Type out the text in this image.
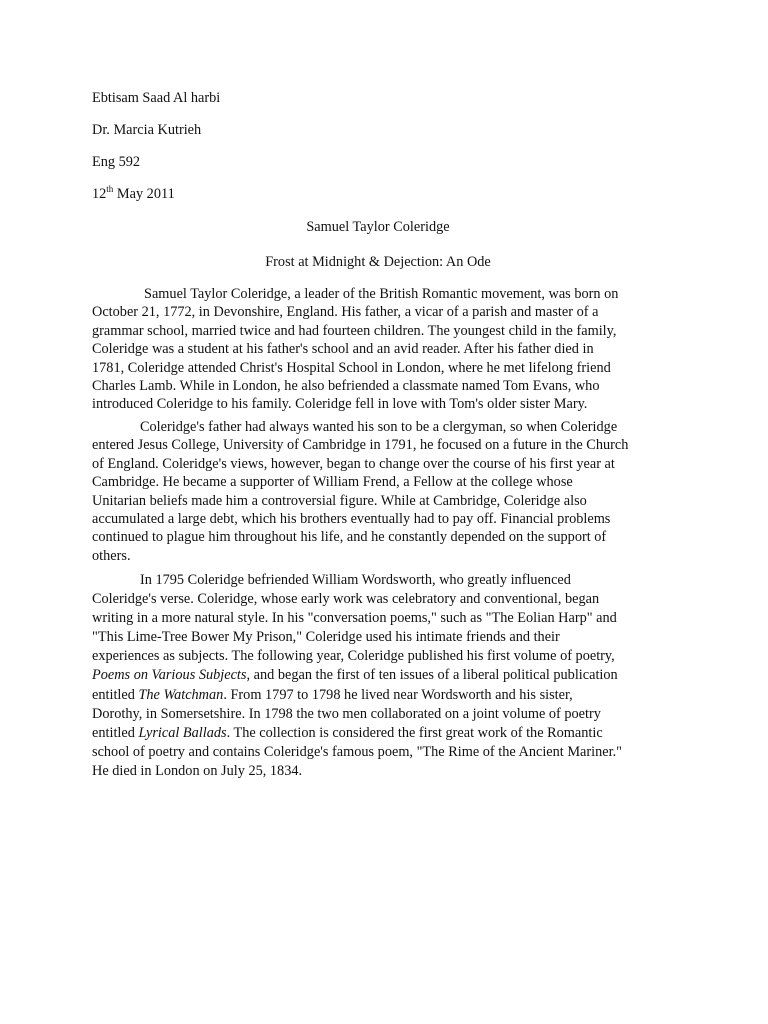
Ebtisam Saad Al harbi
Dr. Marcia Kutrieh
Eng 592
12th May 2011
Samuel Taylor Coleridge
Frost at Midnight & Dejection: An Ode
Samuel Taylor Coleridge, a leader of the British Romantic movement, was born on
October 21, 1772, in Devonshire, England. His father, a vicar of a parish and master of a
grammar school, married twice and had fourteen children. The youngest child in the family,
Coleridge was a student at his father's school and an avid reader. After his father died in
1781, Coleridge attended Christ's Hospital School in London, where he met lifelong friend
Charles Lamb. While in London, he also befriended a classmate named Tom Evans, who
introduced Coleridge to his family. Coleridge fell in love with Tom's older sister Mary.
Coleridge's father had always wanted his son to be a clergyman, so when Coleridge
entered Jesus College, University of Cambridge in 1791, he focused on a future in the Church
of England. Coleridge's views, however, began to change over the course of his first year at
Cambridge. He became a supporter of William Frend, a Fellow at the college whose
Unitarian beliefs made him a controversial figure. While at Cambridge, Coleridge also
accumulated a large debt, which his brothers eventually had to pay off. Financial problems
continued to plague him throughout his life, and he constantly depended on the support of
others.
In 1795 Coleridge befriended William Wordsworth, who greatly influenced
Coleridge's verse. Coleridge, whose early work was celebratory and conventional, began
writing in a more natural style. In his "conversation poems," such as "The Eolian Harp" and
"This Lime-Tree Bower My Prison," Coleridge used his intimate friends and their
experiences as subjects. The following year, Coleridge published his first volume of poetry,
Poems on Various Subjects, and began the first of ten issues of a liberal political publication
entitled The Watchman. From 1797 to 1798 he lived near Wordsworth and his sister,
Dorothy, in Somersetshire. In 1798 the two men collaborated on a joint volume of poetry
entitled Lyrical Ballads. The collection is considered the first great work of the Romantic
school of poetry and contains Coleridge's famous poem, "The Rime of the Ancient Mariner."
He died in London on July 25, 1834.
